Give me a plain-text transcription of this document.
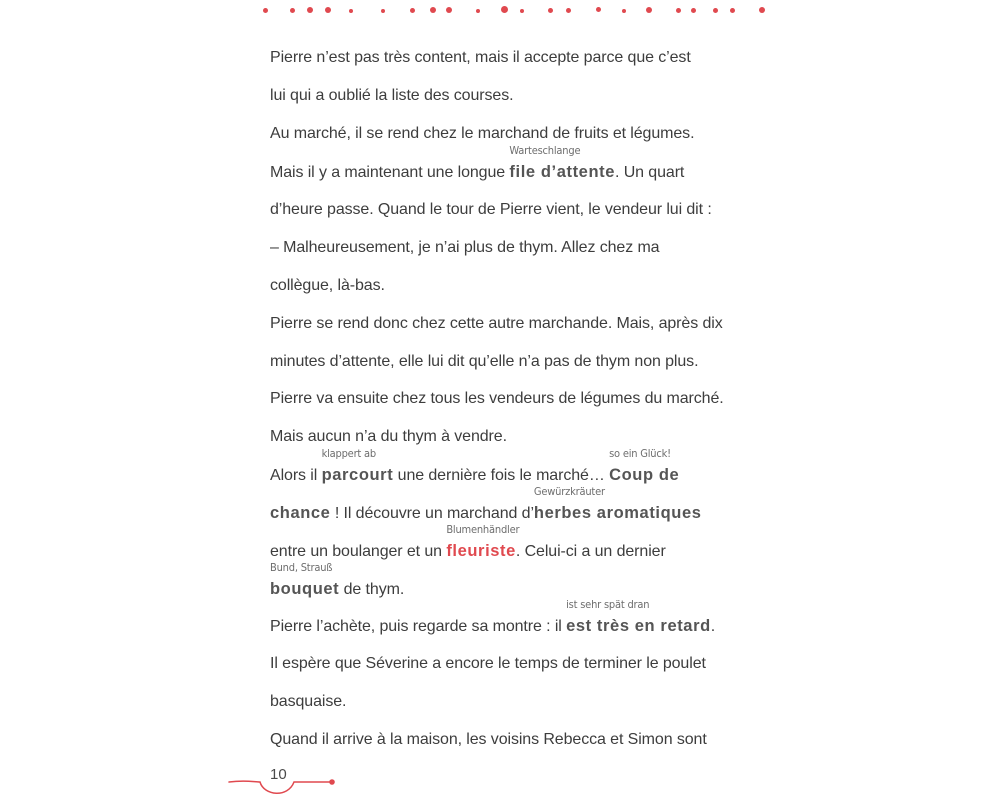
Pierre n’est pas très content, mais il accepte parce que c’est
lui qui a oublié la liste des courses.
Au marché, il se rend chez le marchand de fruits et légumes.
Mais il y a maintenant une longue
Warteschlange
file d’attente. Un quart
d’heure passe. Quand le tour de Pierre vient, le vendeur lui dit :
– Malheureusement, je n’ai plus de thym. Allez chez ma
collègue, là-bas.
Pierre se rend donc chez cette autre marchande. Mais, après dix
minutes d’attente, elle lui dit qu’elle n’a pas de thym non plus.
Pierre va ensuite chez tous les vendeurs de légumes du marché.
Mais aucun n’a du thym à vendre.
Alors il
klappert ab
parcourt une dernière fois le marché…
so ein Glück!
Coup de
chance ! Il découvre un marchand d’
Gewürzkräuter
herbes aromatiques
entre un boulanger et un
Blumenhändler
fleuriste. Celui-ci a un dernier
Bund, Strauß
bouquet de thym.
Pierre l’achète, puis regarde sa montre : il
ist sehr spät dran
est très en retard.
Il espère que Séverine a encore le temps de terminer le poulet
basquaise.
Quand il arrive à la maison, les voisins Rebecca et Simon sont
10
